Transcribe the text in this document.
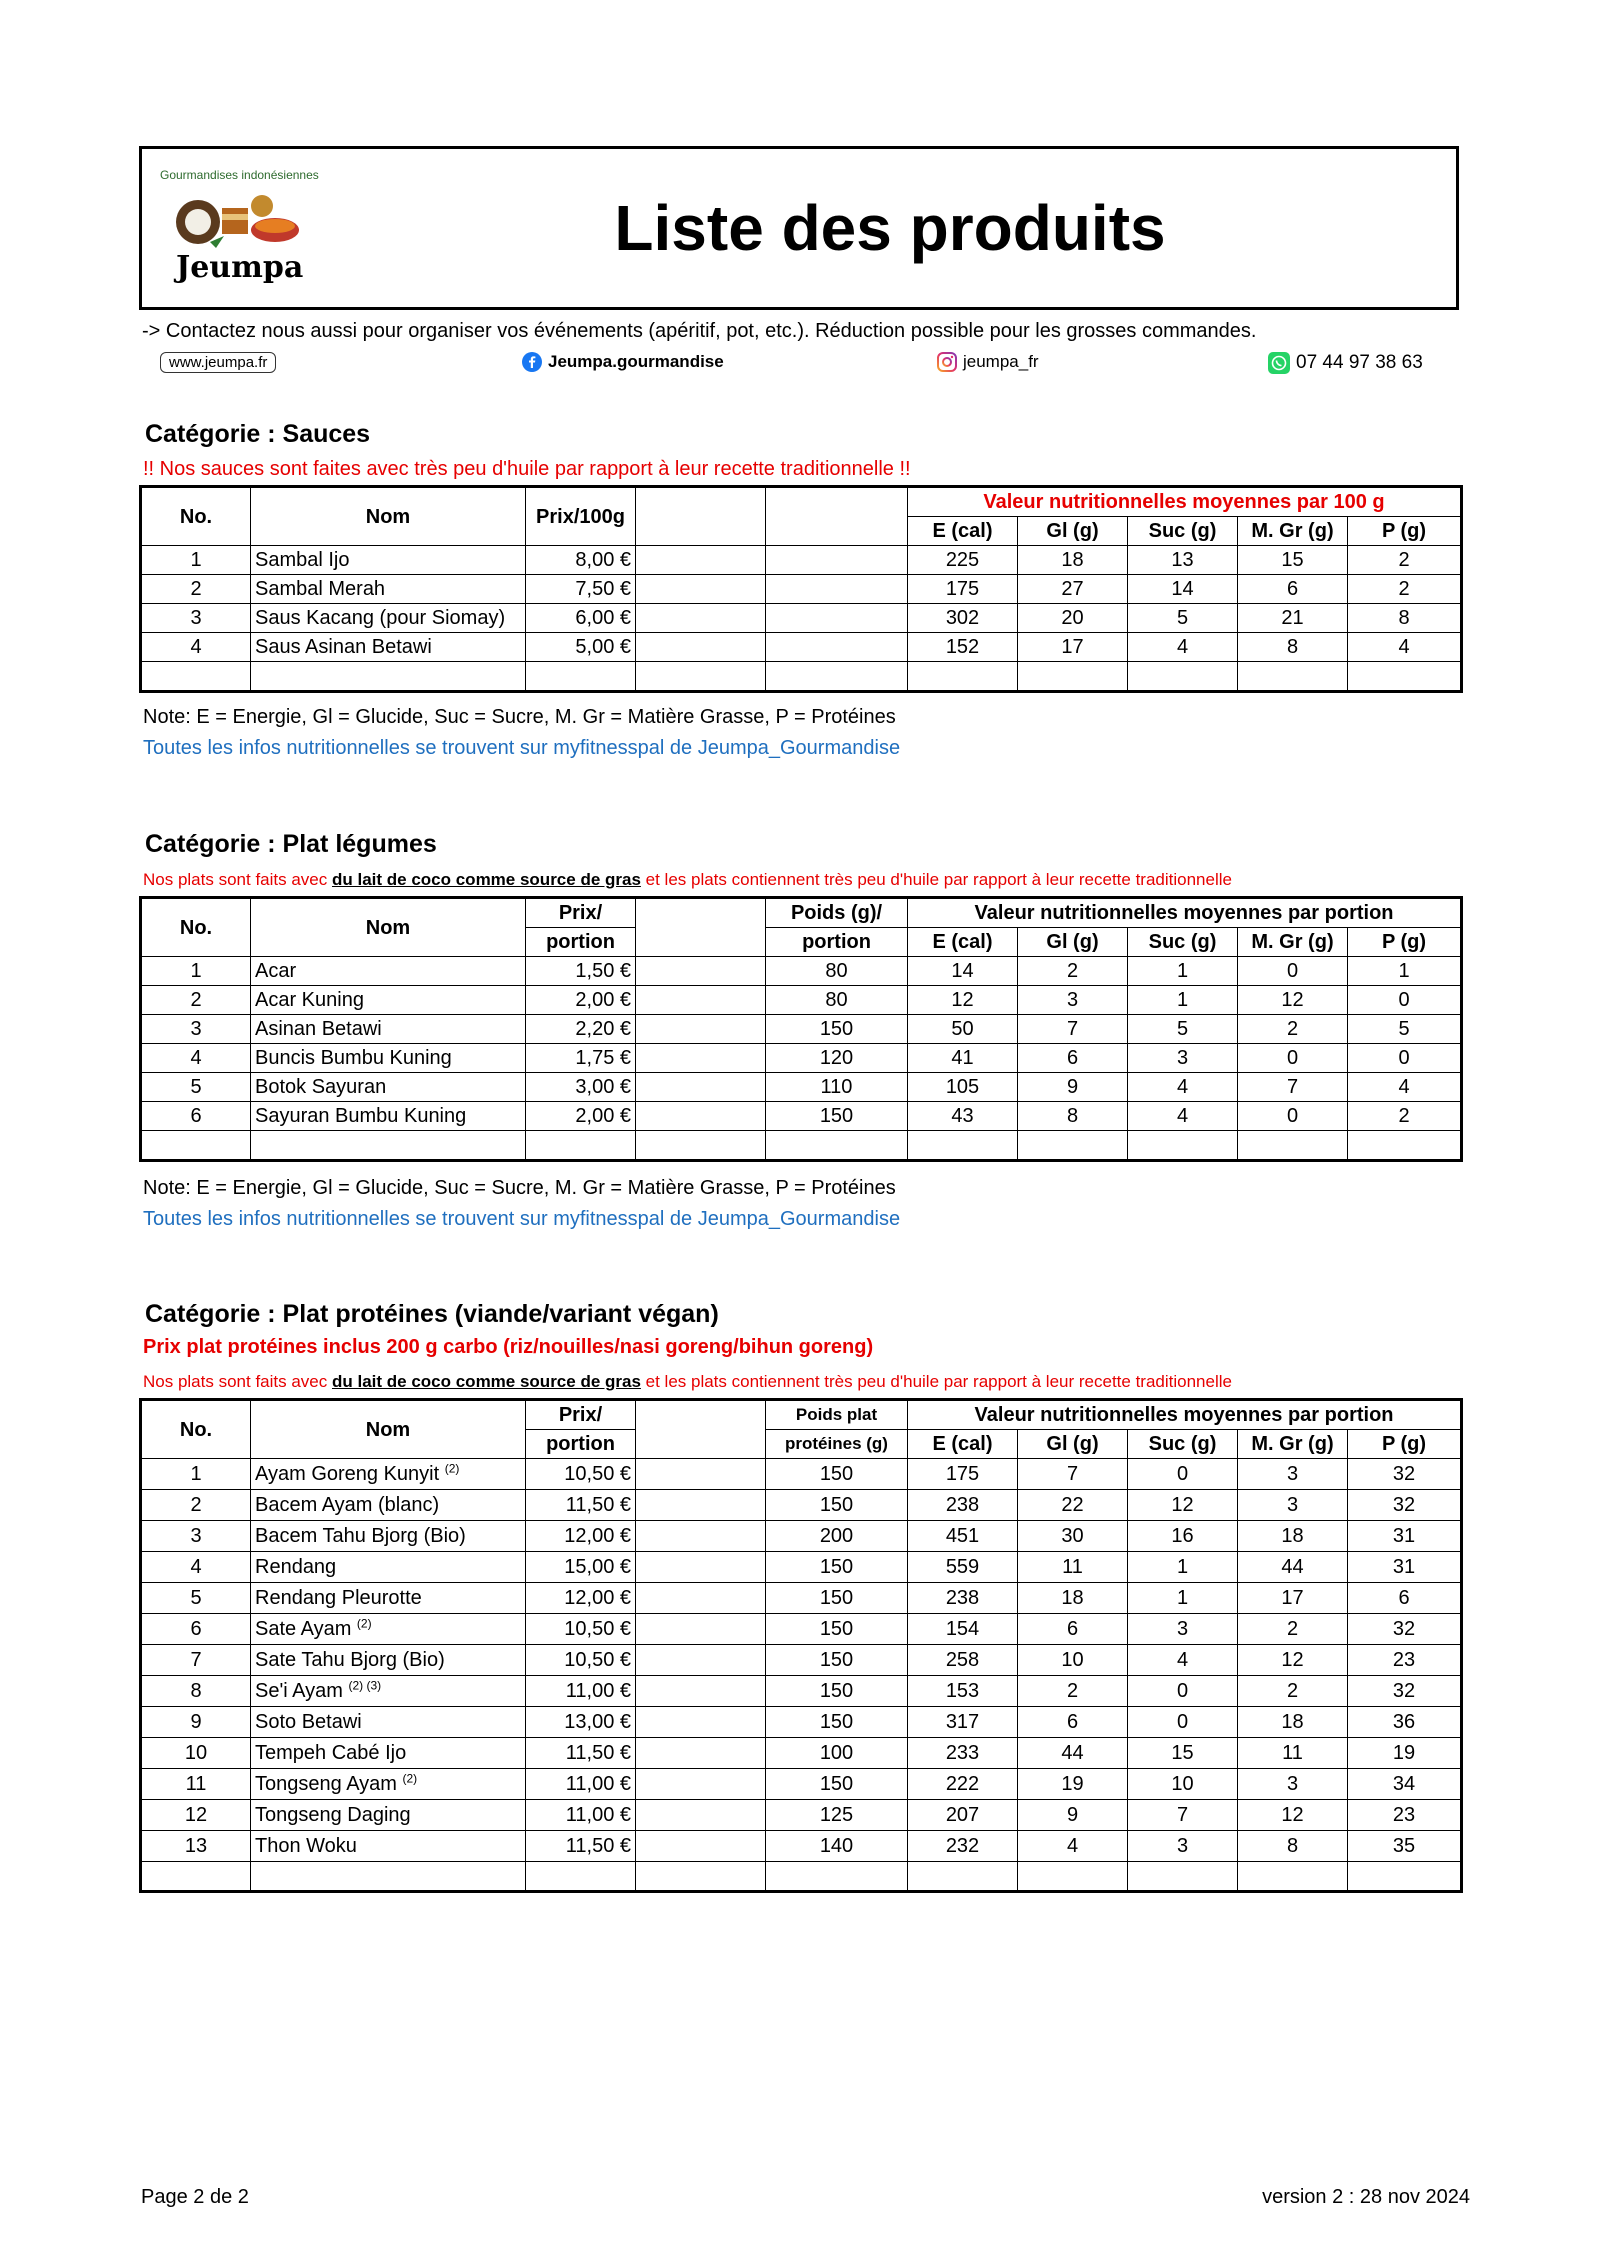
Jeumpa
Gourmandises indonésiennes
Liste des produits
-> Contactez nous aussi pour organiser vos événements (apéritif, pot, etc.). Réduction possible pour les grosses commandes.
www.jeumpa.fr	Jeumpa.gourmandise	jeumpa_fr	07 44 97 38 63
Catégorie : Sauces
!! Nos sauces sont faites avec très peu d'huile par rapport à leur recette traditionnelle !!
No.	Nom	Prix/100g			Valeur nutritionnelles moyennes par 100 g				
					E (cal)	Gl (g)	Suc (g)	M. Gr (g)	P (g)
1	Sambal Ijo	8,00 €			225	18	13	15	2
2	Sambal Merah	7,50 €			175	27	14	6	2
3	Saus Kacang (pour Siomay)	6,00 €			302	20	5	21	8
4	Saus Asinan Betawi	5,00 €			152	17	4	8	4

Note: E = Energie, Gl = Glucide, Suc = Sucre, M. Gr = Matière Grasse, P = Protéines
Toutes les infos nutritionnelles se trouvent sur myfitnesspal de Jeumpa_Gourmandise
Catégorie : Plat légumes
Nos plats sont faits avec du lait de coco comme source de gras et les plats contiennent très peu d'huile par rapport à leur recette traditionnelle
No.	Nom	Prix/		Poids (g)/	Valeur nutritionnelles moyennes par portion				
		portion		portion	E (cal)	Gl (g)	Suc (g)	M. Gr (g)	P (g)
1	Acar	1,50 €		80	14	2	1	0	1
2	Acar Kuning	2,00 €		80	12	3	1	12	0
3	Asinan Betawi	2,20 €		150	50	7	5	2	5
4	Buncis Bumbu Kuning	1,75 €		120	41	6	3	0	0
5	Botok Sayuran	3,00 €		110	105	9	4	7	4
6	Sayuran Bumbu Kuning	2,00 €		150	43	8	4	0	2

Note: E = Energie, Gl = Glucide, Suc = Sucre, M. Gr = Matière Grasse, P = Protéines
Toutes les infos nutritionnelles se trouvent sur myfitnesspal de Jeumpa_Gourmandise
Catégorie : Plat protéines (viande/variant végan)
Prix plat protéines inclus 200 g carbo (riz/nouilles/nasi goreng/bihun goreng)
Nos plats sont faits avec du lait de coco comme source de gras et les plats contiennent très peu d'huile par rapport à leur recette traditionnelle
No.	Nom	Prix/		Poids plat	Valeur nutritionnelles moyennes par portion				
		portion		protéines (g)	E (cal)	Gl (g)	Suc (g)	M. Gr (g)	P (g)
1	Ayam Goreng Kunyit $^{(2)}$	10,50 €		150	175	7	0	3	32
2	Bacem Ayam (blanc)	11,50 €		150	238	22	12	3	32
3	Bacem Tahu Bjorg (Bio)	12,00 €		200	451	30	16	18	31
4	Rendang	15,00 €		150	559	11	1	44	31
5	Rendang Pleurotte	12,00 €		150	238	18	1	17	6
6	Sate Ayam $^{(2)}$	10,50 €		150	154	6	3	2	32
7	Sate Tahu Bjorg (Bio)	10,50 €		150	258	10	4	12	23
8	Se'i Ayam $^{(2) (3)}$	11,00 €		150	153	2	0	2	32
9	Soto Betawi	13,00 €		150	317	6	0	18	36
10	Tempeh Cabé Ijo	11,50 €		100	233	44	15	11	19
11	Tongseng Ayam $^{(2)}$	11,00 €		150	222	19	10	3	34
12	Tongseng Daging	11,00 €		125	207	9	7	12	23
13	Thon Woku	11,50 €		140	232	4	3	8	35

Page 2 de 2	version 2 : 28 nov 2024
